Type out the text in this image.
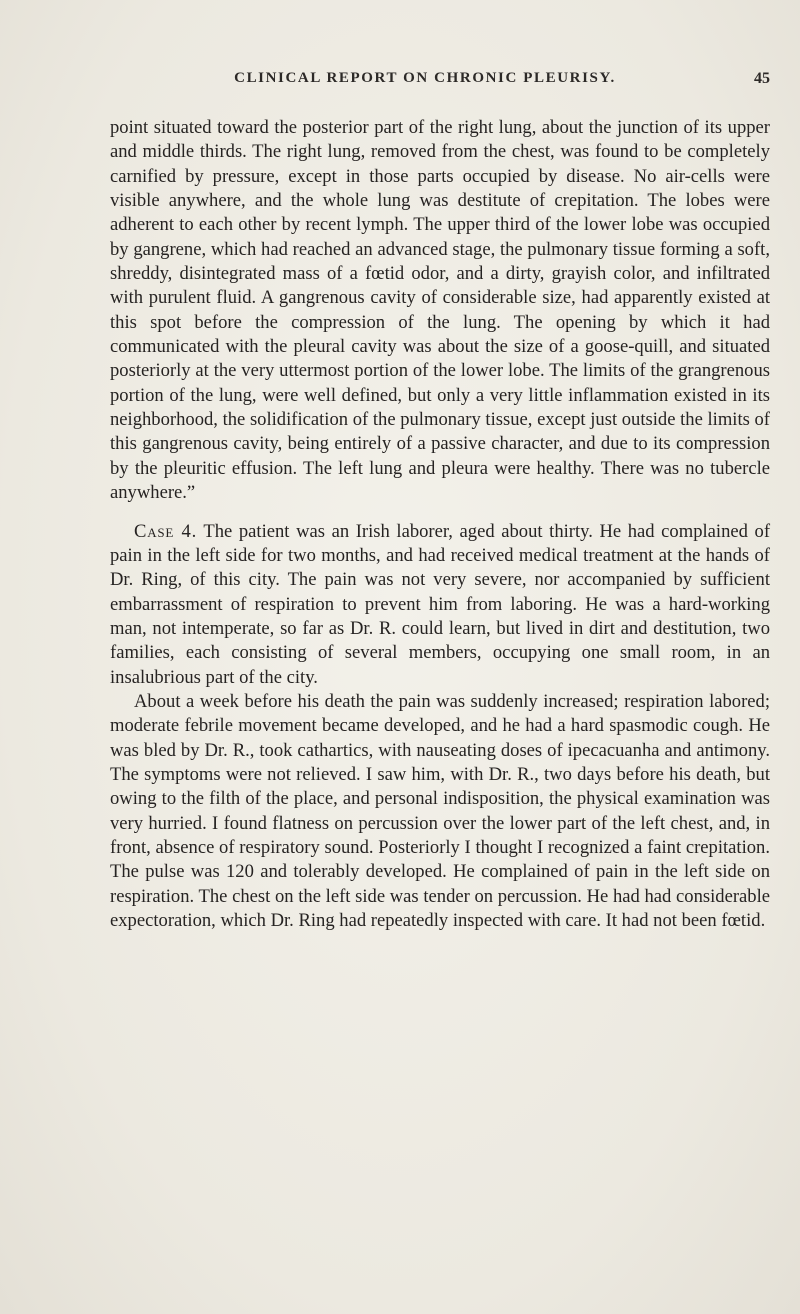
CLINICAL REPORT ON CHRONIC PLEURISY.	45

point situated toward the posterior part of the right lung, about the junction of its upper and middle thirds. The right lung, removed from the chest, was found to be completely carnified by pressure, except in those parts occupied by disease. No air-cells were visible anywhere, and the whole lung was destitute of crepitation. The lobes were adherent to each other by recent lymph. The upper third of the lower lobe was occupied by gangrene, which had reached an advanced stage, the pulmonary tissue forming a soft, shreddy, disintegrated mass of a fœtid odor, and a dirty, grayish color, and infiltrated with purulent fluid. A gangrenous cavity of considerable size, had apparently existed at this spot before the compression of the lung. The opening by which it had communicated with the pleural cavity was about the size of a goose-quill, and situated posteriorly at the very uttermost portion of the lower lobe. The limits of the grangrenous portion of the lung, were well defined, but only a very little inflammation existed in its neighborhood, the solidification of the pulmonary tissue, except just outside the limits of this gangrenous cavity, being entirely of a passive character, and due to its compression by the pleuritic effusion. The left lung and pleura were healthy. There was no tubercle anywhere.”

Case 4. The patient was an Irish laborer, aged about thirty. He had complained of pain in the left side for two months, and had received medical treatment at the hands of Dr. Ring, of this city. The pain was not very severe, nor accompanied by sufficient embarrassment of respiration to prevent him from laboring. He was a hard-working man, not intemperate, so far as Dr. R. could learn, but lived in dirt and destitution, two families, each consisting of several members, occupying one small room, in an insalubrious part of the city.

About a week before his death the pain was suddenly increased; respiration labored; moderate febrile movement became developed, and he had a hard spasmodic cough. He was bled by Dr. R., took cathartics, with nauseating doses of ipecacuanha and antimony. The symptoms were not relieved. I saw him, with Dr. R., two days before his death, but owing to the filth of the place, and personal indisposition, the physical examination was very hurried. I found flatness on percussion over the lower part of the left chest, and, in front, absence of respiratory sound. Posteriorly I thought I recognized a faint crepitation. The pulse was 120 and tolerably developed. He complained of pain in the left side on respiration. The chest on the left side was tender on percussion. He had had considerable expectoration, which Dr. Ring had repeatedly inspected with care. It had not been fœtid.
